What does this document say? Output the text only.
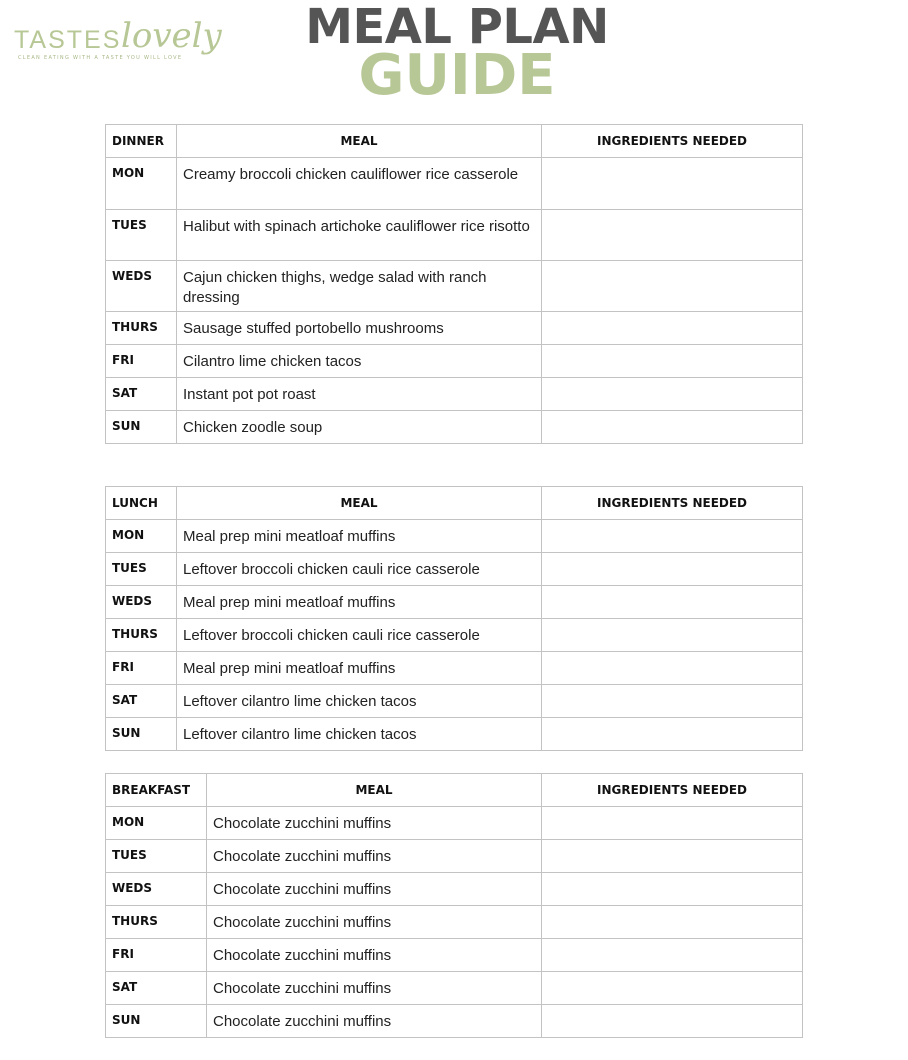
TASTES lovely
CLEAN EATING WITH A TASTE YOU WILL LOVE
MEAL PLAN
GUIDE
DINNER	MEAL	INGREDIENTS NEEDED
MON	Creamy broccoli chicken cauliflower rice casserole	
TUES	Halibut with spinach artichoke cauliflower rice risotto	
WEDS	Cajun chicken thighs, wedge salad with ranch dressing	
THURS	Sausage stuffed portobello mushrooms	
FRI	Cilantro lime chicken tacos	
SAT	Instant pot pot roast	
SUN	Chicken zoodle soup	
LUNCH	MEAL	INGREDIENTS NEEDED
MON	Meal prep mini meatloaf muffins	
TUES	Leftover broccoli chicken cauli rice casserole	
WEDS	Meal prep mini meatloaf muffins	
THURS	Leftover broccoli chicken cauli rice casserole	
FRI	Meal prep mini meatloaf muffins	
SAT	Leftover cilantro lime chicken tacos	
SUN	Leftover cilantro lime chicken tacos	
BREAKFAST	MEAL	INGREDIENTS NEEDED
MON	Chocolate zucchini muffins	
TUES	Chocolate zucchini muffins	
WEDS	Chocolate zucchini muffins	
THURS	Chocolate zucchini muffins	
FRI	Chocolate zucchini muffins	
SAT	Chocolate zucchini muffins	
SUN	Chocolate zucchini muffins	
